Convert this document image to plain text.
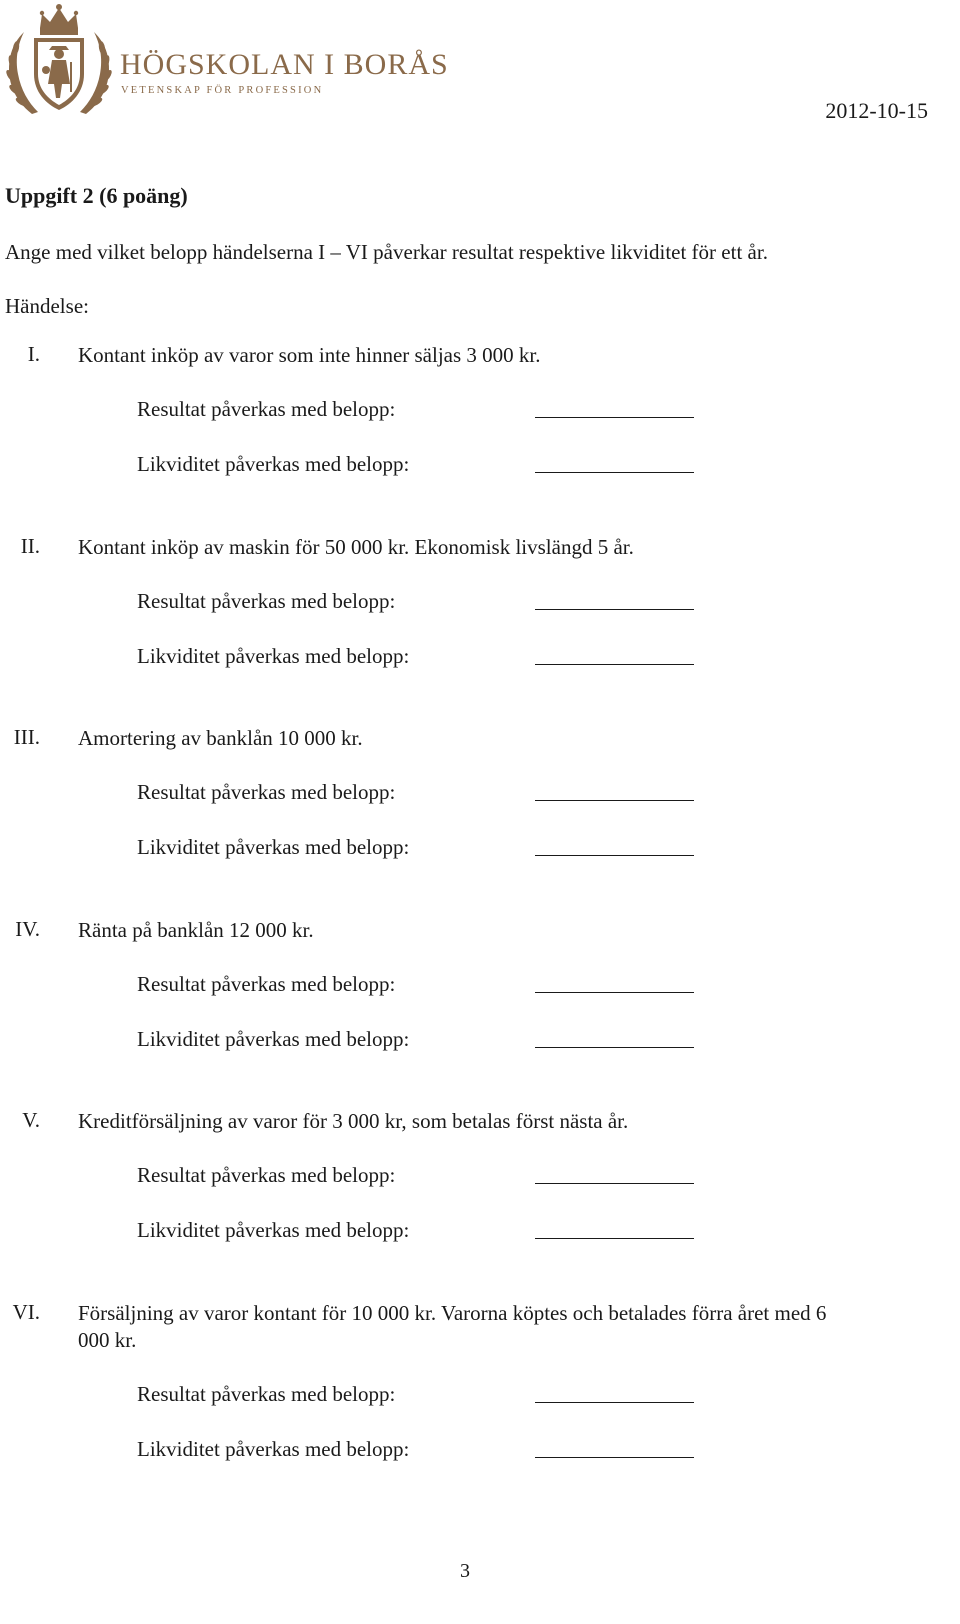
HÖGSKOLAN I BORÅS
VETENSKAP FÖR PROFESSION
2012-10-15
Uppgift 2 (6 poäng)
Ange med vilket belopp händelserna I – VI påverkar resultat respektive likviditet för ett år.
Händelse:
I. Kontant inköp av varor som inte hinner säljas 3 000 kr.
Resultat påverkas med belopp:
Likviditet påverkas med belopp:
II. Kontant inköp av maskin för 50 000 kr. Ekonomisk livslängd 5 år.
Resultat påverkas med belopp:
Likviditet påverkas med belopp:
III. Amortering av banklån 10 000 kr.
Resultat påverkas med belopp:
Likviditet påverkas med belopp:
IV. Ränta på banklån 12 000 kr.
Resultat påverkas med belopp:
Likviditet påverkas med belopp:
V. Kreditförsäljning av varor för 3 000 kr, som betalas först nästa år.
Resultat påverkas med belopp:
Likviditet påverkas med belopp:
VI. Försäljning av varor kontant för 10 000 kr. Varorna köptes och betalades förra året med 6 000 kr.
Resultat påverkas med belopp:
Likviditet påverkas med belopp:
3
